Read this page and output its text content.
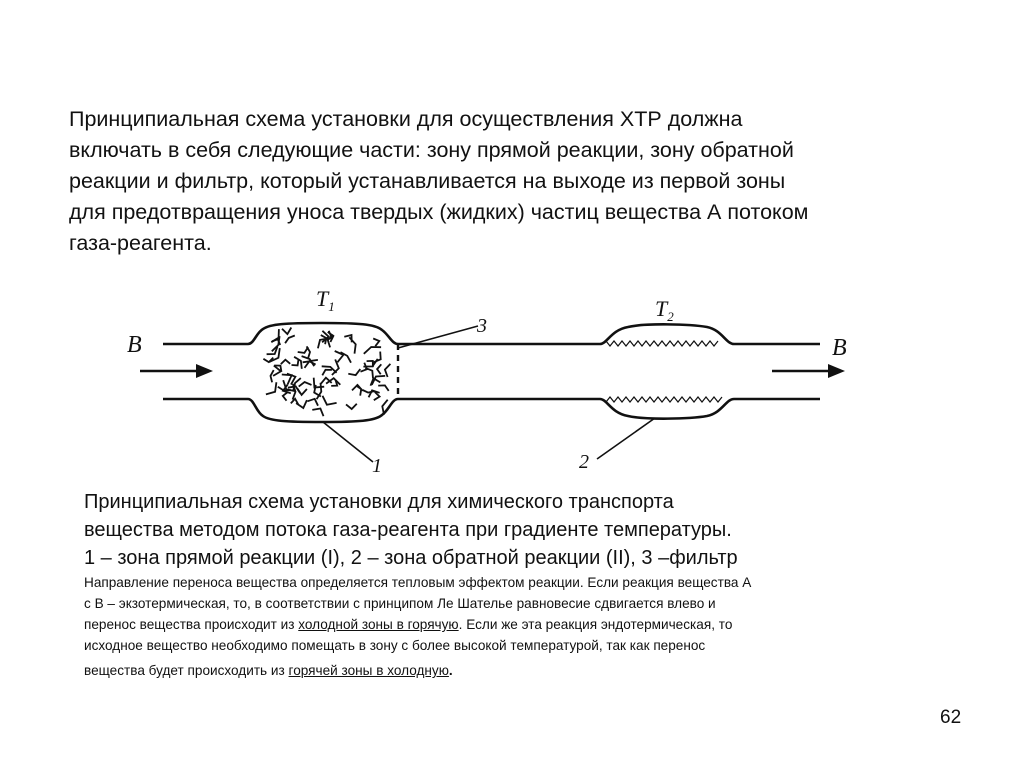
Принципиальная схема установки для осуществления ХТР должна
включать в себя следующие части: зону прямой реакции, зону обратной
реакции и фильтр, который устанавливается на выходе из первой зоны
для предотвращения уноса твердых (жидких) частиц вещества А потоком
газа-реагента.
B	B
$T_1$	$T_2$
3
1	2
Принципиальная схема установки для химического транспорта
вещества методом потока газа-реагента при градиенте температуры.
1 – зона прямой реакции (I), 2 – зона обратной реакции (II), 3 –фильтр
Направление переноса вещества определяется тепловым эффектом реакции. Если реакция вещества А
с В – экзотермическая, то, в соответствии с принципом Ле Шателье равновесие сдвигается влево и
перенос вещества происходит из холодной зоны в горячую. Если же эта реакция эндотермическая, то
исходное вещество необходимо помещать в зону с более высокой температурой, так как перенос
вещества будет происходить из горячей зоны в холодную.
62
